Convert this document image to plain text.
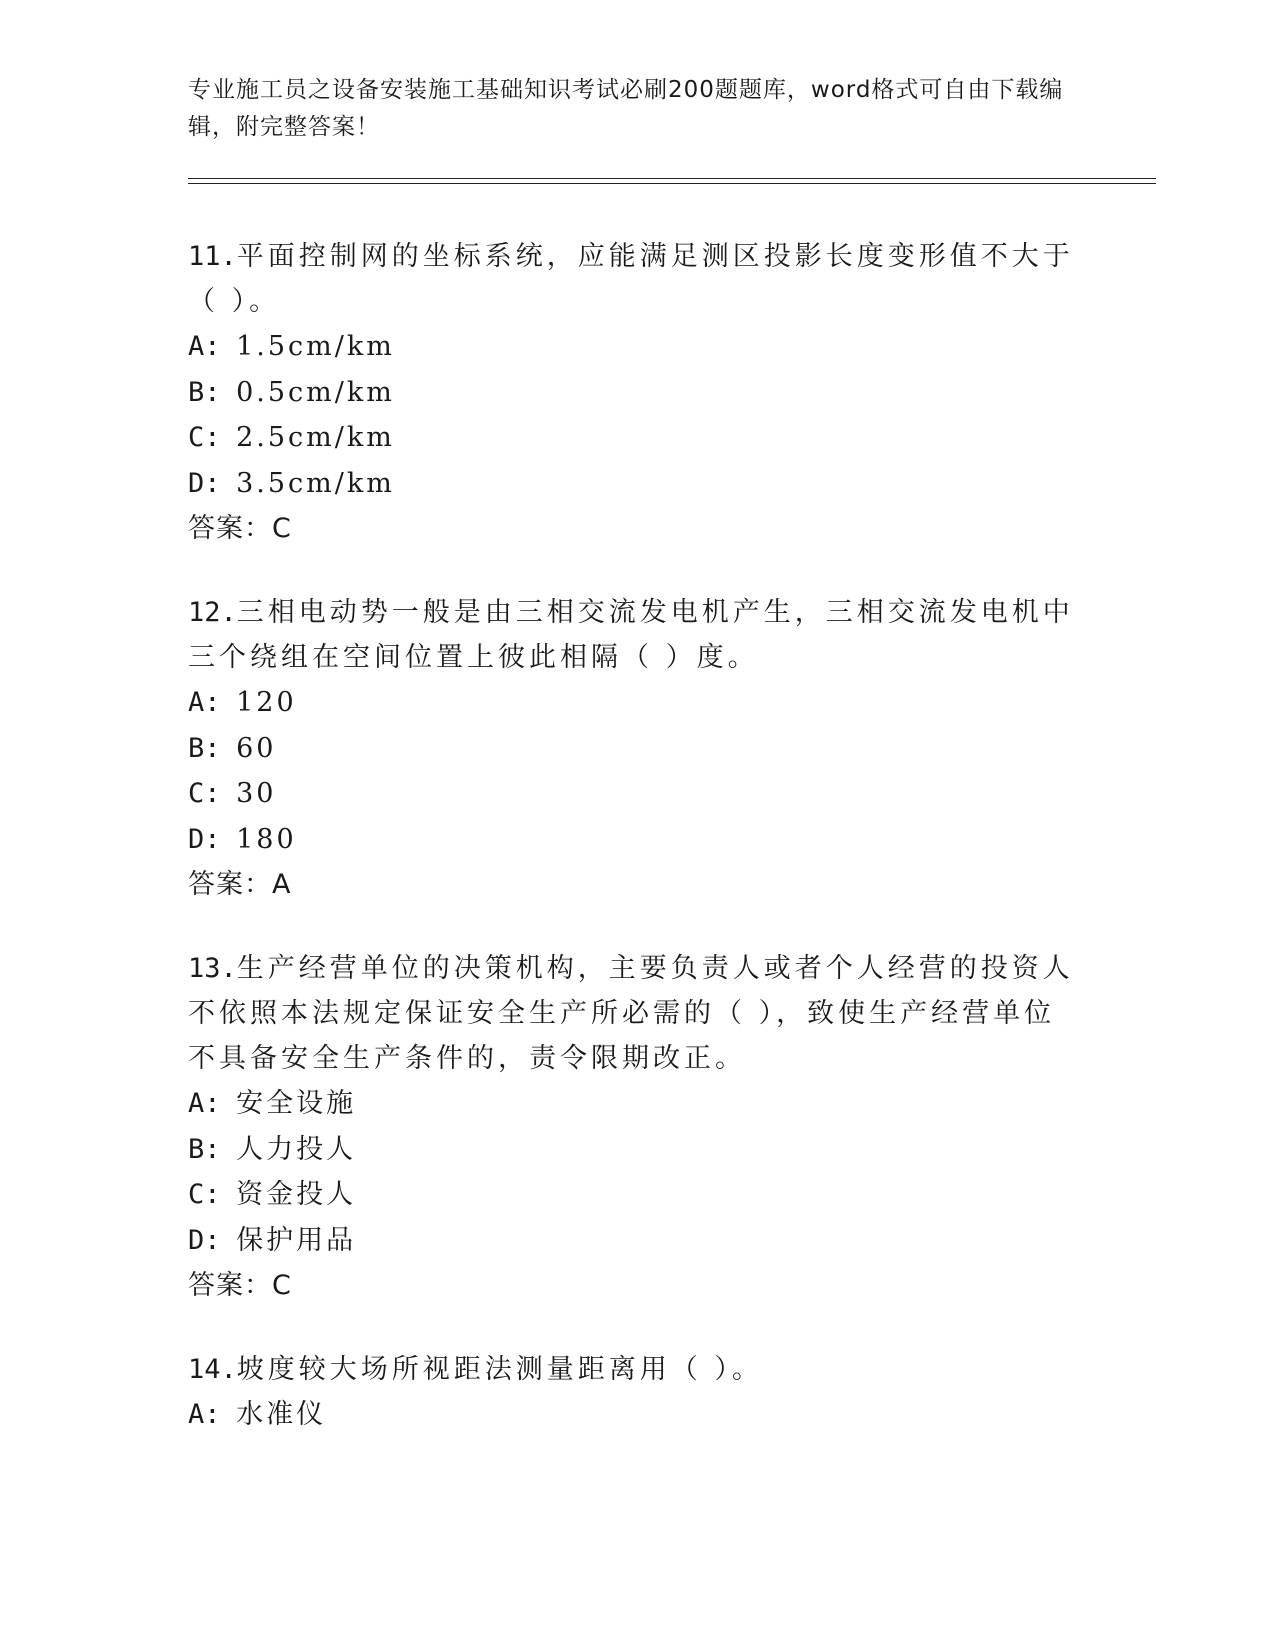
专业施工员之设备安装施工基础知识考试必刷200题题库，word格式可自由下载编辑，附完整答案！
11.平面控制网的坐标系统，应能满足测区投影长度变形值不大于（ ）。
A: 1.5cm/km
B: 0.5cm/km
C: 2.5cm/km
D: 3.5cm/km
答案：C
12.三相电动势一般是由三相交流发电机产生，三相交流发电机中三个绕组在空间位置上彼此相隔（ ）度。
A: 120
B: 60
C: 30
D: 180
答案：A
13.生产经营单位的决策机构，主要负责人或者个人经营的投资人不依照本法规定保证安全生产所必需的（ ），致使生产经营单位不具备安全生产条件的，责令限期改正。
A: 安全设施
B: 人力投人
C: 资金投人
D: 保护用品
答案：C
14.坡度较大场所视距法测量距离用（ ）。
A: 水准仪
